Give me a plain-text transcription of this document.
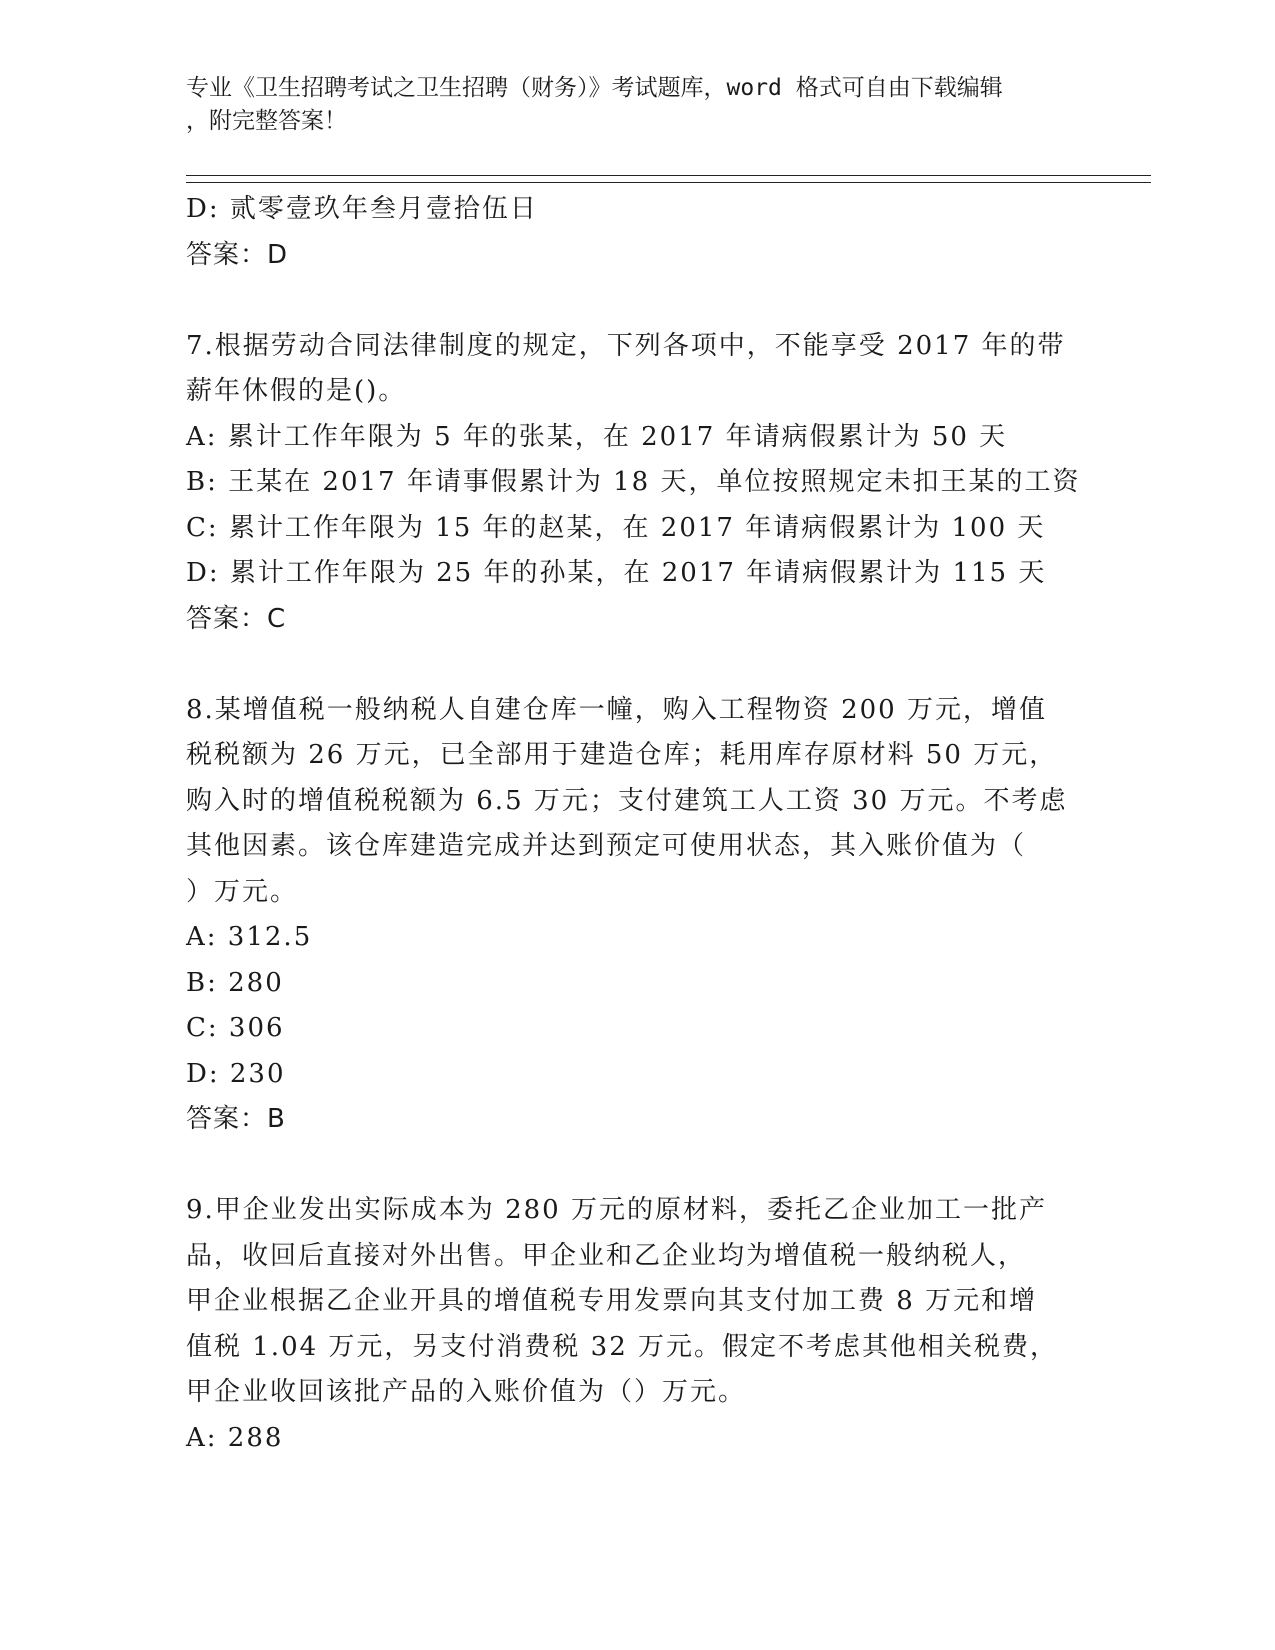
专业《卫生招聘考试之卫生招聘（财务）》考试题库，word 格式可自由下载编辑
，附完整答案！
D: 贰零壹玖年叁月壹拾伍日
答案：D
7.根据劳动合同法律制度的规定，下列各项中，不能享受 2017 年的带
薪年休假的是()。
A: 累计工作年限为 5 年的张某，在 2017 年请病假累计为 50 天
B: 王某在 2017 年请事假累计为 18 天，单位按照规定未扣王某的工资
C: 累计工作年限为 15 年的赵某，在 2017 年请病假累计为 100 天
D: 累计工作年限为 25 年的孙某，在 2017 年请病假累计为 115 天
答案：C
8.某增值税一般纳税人自建仓库一幢，购入工程物资 200 万元，增值
税税额为 26 万元，已全部用于建造仓库；耗用库存原材料 50 万元，
购入时的增值税税额为 6.5 万元；支付建筑工人工资 30 万元。不考虑
其他因素。该仓库建造完成并达到预定可使用状态，其入账价值为（
）万元。
A: 312.5
B: 280
C: 306
D: 230
答案：B
9.甲企业发出实际成本为 280 万元的原材料，委托乙企业加工一批产
品，收回后直接对外出售。甲企业和乙企业均为增值税一般纳税人，
甲企业根据乙企业开具的增值税专用发票向其支付加工费 8 万元和增
值税 1.04 万元，另支付消费税 32 万元。假定不考虑其他相关税费，
甲企业收回该批产品的入账价值为（）万元。
A: 288
